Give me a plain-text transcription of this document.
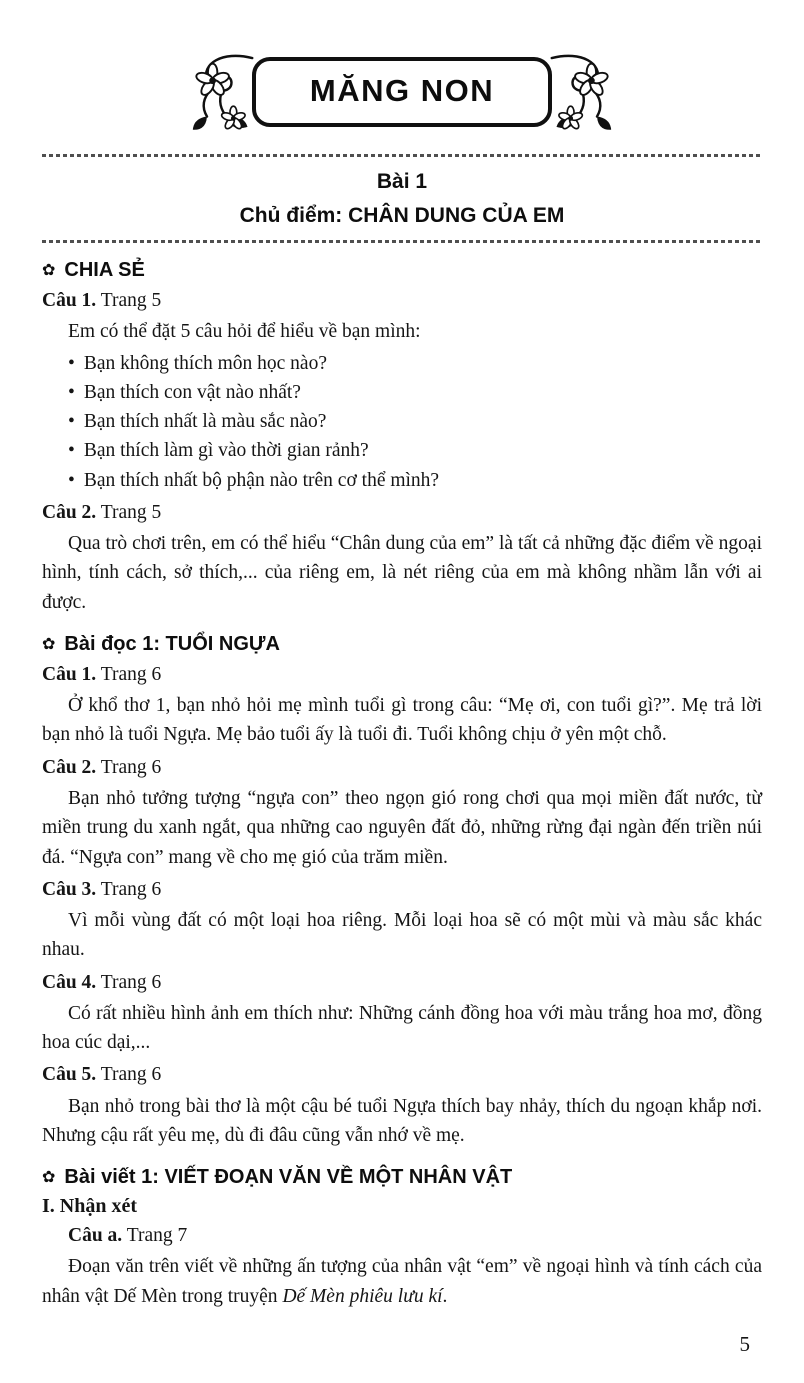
MĂNG NON
Bài 1
Chủ điểm: CHÂN DUNG CỦA EM
✿ CHIA SẺ
Câu 1. Trang 5

Em có thể đặt 5 câu hỏi để hiểu về bạn mình:

• Bạn không thích môn học nào?
• Bạn thích con vật nào nhất?
• Bạn thích nhất là màu sắc nào?
• Bạn thích làm gì vào thời gian rảnh?
• Bạn thích nhất bộ phận nào trên cơ thể mình?
Câu 2. Trang 5

Qua trò chơi trên, em có thể hiểu “Chân dung của em” là tất cả những đặc điểm về ngoại hình, tính cách, sở thích,... của riêng em, là nét riêng của em mà không nhầm lẫn với ai được.

✿ Bài đọc 1: TUỔI NGỰA
Câu 1. Trang 6

Ở khổ thơ 1, bạn nhỏ hỏi mẹ mình tuổi gì trong câu: “Mẹ ơi, con tuổi gì?”. Mẹ trả lời bạn nhỏ là tuổi Ngựa. Mẹ bảo tuổi ấy là tuổi đi. Tuổi không chịu ở yên một chỗ.

Câu 2. Trang 6

Bạn nhỏ tưởng tượng “ngựa con” theo ngọn gió rong chơi qua mọi miền đất nước, từ miền trung du xanh ngắt, qua những cao nguyên đất đỏ, những rừng đại ngàn đến triền núi đá. “Ngựa con” mang về cho mẹ gió của trăm miền.

Câu 3. Trang 6

Vì mỗi vùng đất có một loại hoa riêng. Mỗi loại hoa sẽ có một mùi và màu sắc khác nhau.

Câu 4. Trang 6

Có rất nhiều hình ảnh em thích như: Những cánh đồng hoa với màu trắng hoa mơ, đồng hoa cúc dại,...

Câu 5. Trang 6

Bạn nhỏ trong bài thơ là một cậu bé tuổi Ngựa thích bay nhảy, thích du ngoạn khắp nơi. Nhưng cậu rất yêu mẹ, dù đi đâu cũng vẫn nhớ về mẹ.

✿ Bài viết 1: VIẾT ĐOẠN VĂN VỀ MỘT NHÂN VẬT
I. Nhận xét
Câu a. Trang 7

Đoạn văn trên viết về những ấn tượng của nhân vật “em” về ngoại hình và tính cách của nhân vật Dế Mèn trong truyện Dế Mèn phiêu lưu kí.

5
